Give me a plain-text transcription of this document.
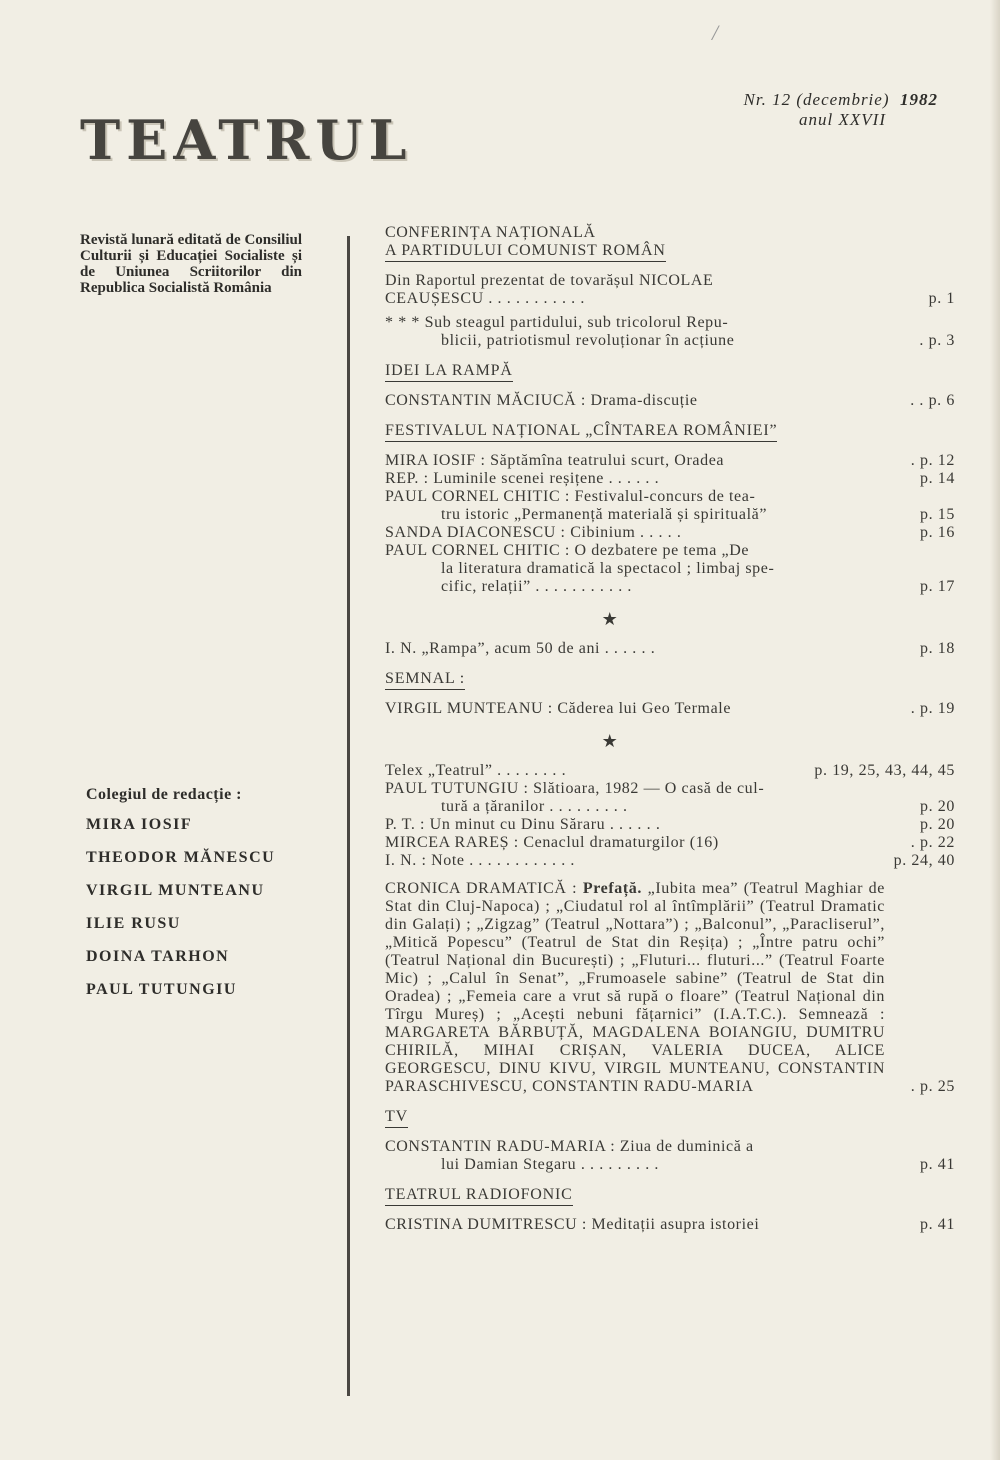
/
TEATRUL
Nr. 12 (decembrie) 1982
anul XXVII
Revistă lunară editată de Consiliul Culturii și Educației Socialiste și de Uniunea Scriitorilor din Republica Socialistă România
Colegiul de redacție :
MIRA IOSIF
THEODOR MĂNESCU
VIRGIL MUNTEANU
ILIE RUSU
DOINA TARHON
PAUL TUTUNGIU
CONFERINȚA NAȚIONALĂ
A PARTIDULUI COMUNIST ROMÂN
Din Raportul prezentat de tovarășul NICOLAE
CEAUȘESCU . . . . . . . . . . .	p. 1
* * * Sub steagul partidului, sub tricolorul Repu-
blicii, patriotismul revoluționar în acțiune	. p. 3
IDEI LA RAMPĂ
CONSTANTIN MĂCIUCĂ : Drama-discuție	. . p. 6
FESTIVALUL NAȚIONAL „CÎNTAREA ROMÂNIEI”
MIRA IOSIF : Săptămîna teatrului scurt, Oradea	. p. 12
REP. : Luminile scenei reșițene . . . . . .	p. 14
PAUL CORNEL CHITIC : Festivalul-concurs de tea-
tru istoric „Permanență materială și spirituală”	p. 15
SANDA DIACONESCU : Cibinium . . . . .	p. 16
PAUL CORNEL CHITIC : O dezbatere pe tema „De
la literatura dramatică la spectacol ; limbaj spe-
cific, relații” . . . . . . . . . . .	p. 17
★
I. N. „Rampa”, acum 50 de ani . . . . . .	p. 18
SEMNAL :
VIRGIL MUNTEANU : Căderea lui Geo Termale	. p. 19
★
Telex „Teatrul” . . . . . . . .	p. 19, 25, 43, 44, 45
PAUL TUTUNGIU : Slătioara, 1982 — O casă de cul-
tură a țăranilor . . . . . . . . .	p. 20
P. T. : Un minut cu Dinu Săraru . . . . . .	p. 20
MIRCEA RAREȘ : Cenaclul dramaturgilor (16)	. p. 22
I. N. : Note . . . . . . . . . . . .	p. 24, 40
CRONICA DRAMATICĂ : Prefață. „Iubita mea” (Teatrul Maghiar de Stat din Cluj-Napoca) ; „Ciudatul rol al întîmplării” (Teatrul Dramatic din Galați) ; „Zigzag” (Teatrul „Nottara”) ; „Balconul”, „Paracliserul”, „Mitică Popescu” (Teatrul de Stat din Reșița) ; „Între patru ochi” (Teatrul Național din București) ; „Fluturi... fluturi...” (Teatrul Foarte Mic) ; „Calul în Senat”, „Frumoasele sabine” (Teatrul de Stat din Oradea) ; „Femeia care a vrut să rupă o floare” (Teatrul Național din Tîrgu Mureș) ; „Acești nebuni fățarnici” (I.A.T.C.). Semnează : MARGARETA BĂRBUȚĂ, MAGDALENA BOIANGIU, DUMITRU CHIRILĂ, MIHAI CRIȘAN, VALERIA DUCEA, ALICE GEORGESCU, DINU KIVU, VIRGIL MUNTEANU, CONSTANTIN PARASCHIVESCU, CONSTANTIN RADU-MARIA	. p. 25
TV
CONSTANTIN RADU-MARIA : Ziua de duminică a
lui Damian Stegaru . . . . . . . . .	p. 41
TEATRUL RADIOFONIC
CRISTINA DUMITRESCU : Meditații asupra istoriei	p. 41
